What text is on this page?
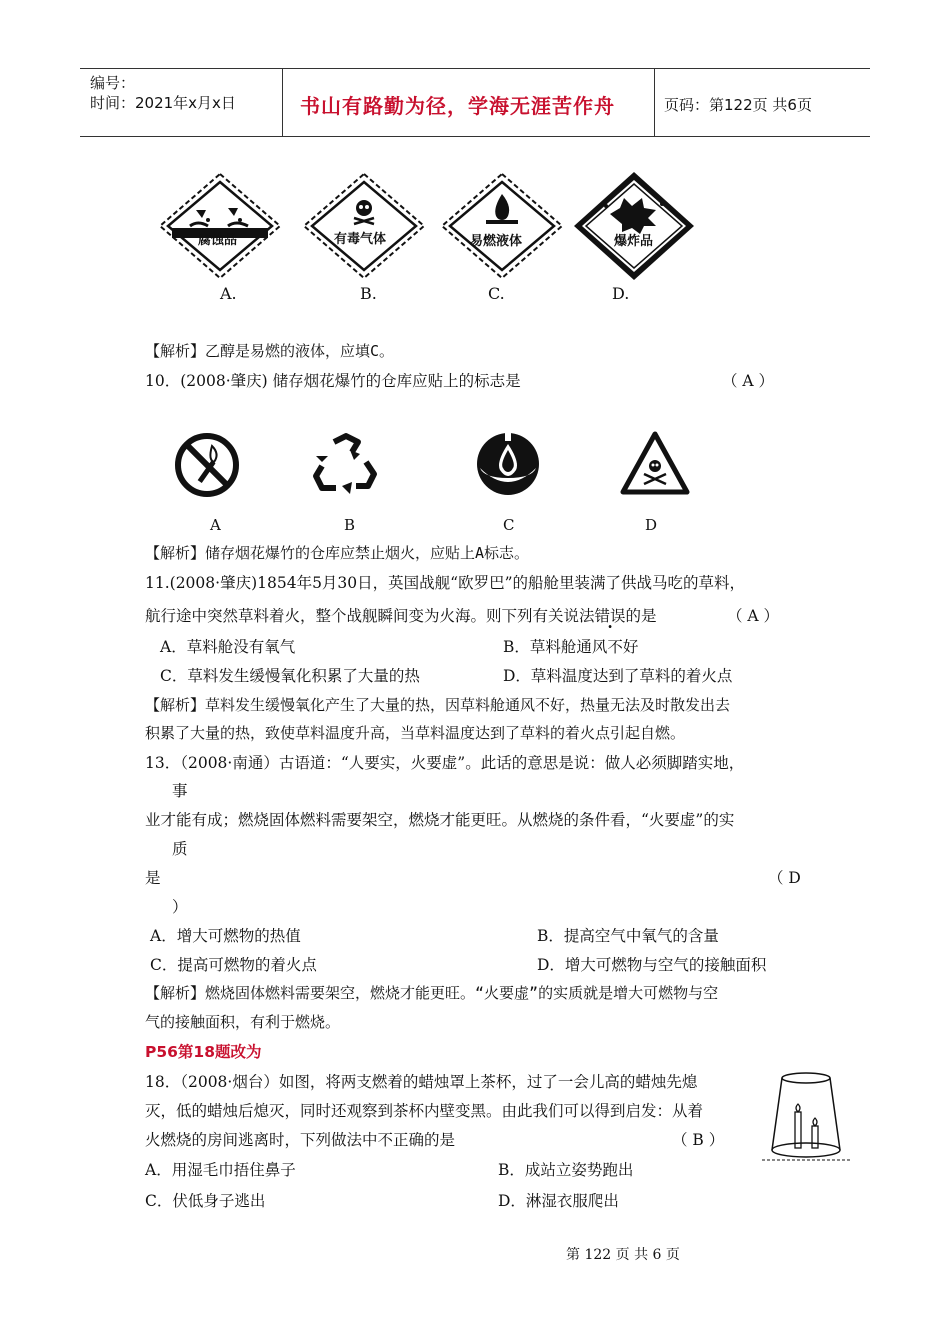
编号：
时间：2021年x月x日	书山有路勤为径，学海无涯苦作舟	页码：第122页 共6页
腐蚀品
A.
有毒气体
B.
易燃液体
C.
爆炸品
D.
【解析】乙醇是易燃的液体，应填C。
10．(2008·肇庆) 储存烟花爆竹的仓库应贴上的标志是	（ A ）
A	B	C	D
【解析】储存烟花爆竹的仓库应禁止烟火，应贴上A标志。
11.(2008·肇庆)1854年5月30日，英国战舰“欧罗巴”的船舱里装满了供战马吃的草料，
航行途中突然草料着火，整个战舰瞬间变为火海。则下列有关说法错误的是	（ A ）
A．草料舱没有氧气	B．草料舱通风不好
C．草料发生缓慢氧化积累了大量的热	D．草料温度达到了草料的着火点
【解析】草料发生缓慢氧化产生了大量的热，因草料舱通风不好，热量无法及时散发出去
积累了大量的热，致使草料温度升高，当草料温度达到了草料的着火点引起自燃。
13．（2008·南通）古语道：“人要实，火要虚”。此话的意思是说：做人必须脚踏实地，
事
业才能有成；燃烧固体燃料需要架空，燃烧才能更旺。从燃烧的条件看，“火要虚”的实
质
是	（ D
）
A．增大可燃物的热值	B．提高空气中氧气的含量
C．提高可燃物的着火点	D．增大可燃物与空气的接触面积
【解析】燃烧固体燃料需要架空，燃烧才能更旺。“火要虚”的实质就是增大可燃物与空
气的接触面积，有利于燃烧。
P56第18题改为
18．（2008·烟台）如图，将两支燃着的蜡烛罩上茶杯，过了一会儿高的蜡烛先熄
灭，低的蜡烛后熄灭，同时还观察到茶杯内壁变黑。由此我们可以得到启发：从着
火燃烧的房间逃离时，下列做法中不正确的是	（ B ）
A．用湿毛巾捂住鼻子	B．成站立姿势跑出
C．伏低身子逃出	D．淋湿衣服爬出
第 122 页 共 6 页
